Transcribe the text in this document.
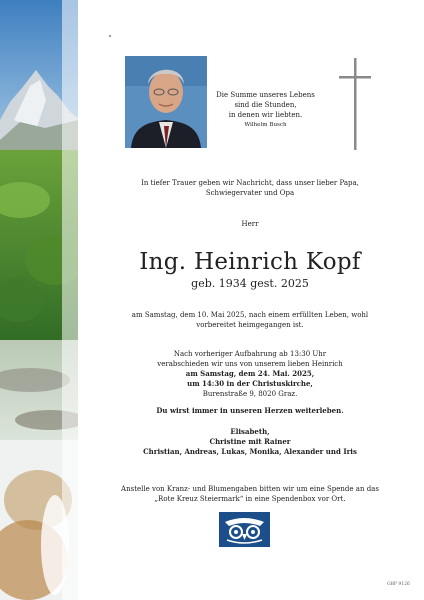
Die Summe unseres Lebens
sind die Stunden,
in denen wir liebten.
Wilhelm Busch
In tiefer Trauer geben wir Nachricht, dass unser lieber Papa,
Schwiegervater und Opa
Herr
Ing. Heinrich Kopf
geb. 1934 gest. 2025
am Samstag, dem 10. Mai 2025, nach einem erfüllten Leben, wohl
vorbereitet heimgegangen ist.
Nach vorheriger Aufbahrung ab 13:30 Uhr
verabschieden wir uns von unserem lieben Heinrich
am Samstag, dem 24. Mai. 2025,
um 14:30 in der Christuskirche,
Burenstraße 9, 8020 Graz.
Du wirst immer in unseren Herzen weiterleben.
Elisabeth,
Christine mit Rainer
Christian, Andreas, Lukas, Monika, Alexander und Iris
Anstelle von Kranz- und Blumengaben bitten wir um eine Spende an das
„Rote Kreuz Steiermark“ in eine Spendenbox vor Ort.
GBP 9126
